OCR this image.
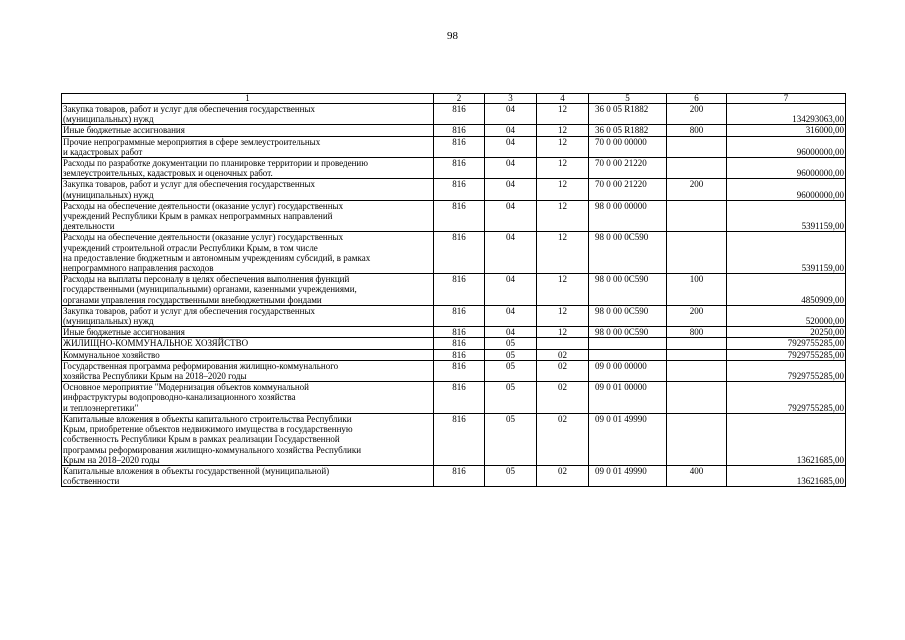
98
1	2	3	4	5	6	7

Закупка товаров, работ и услуг для обеспечения государственных
(муниципальных) нужд	816	04	12	36 0 05 R1882	200	134293063,00

Иные бюджетные ассигнования	816	04	12	36 0 05 R1882	800	316000,00

Прочие непрограммные мероприятия в сфере землеустроительных
и кадастровых работ	816	04	12	70 0 00 00000		96000000,00

Расходы по разработке документации по планировке территории и проведению
землеустроительных, кадастровых и оценочных работ.	816	04	12	70 0 00 21220		96000000,00

Закупка товаров, работ и услуг для обеспечения государственных
(муниципальных) нужд	816	04	12	70 0 00 21220	200	96000000,00

Расходы на обеспечение деятельности (оказание услуг) государственных
учреждений Республики Крым в рамках непрограммных направлений
деятельности	816	04	12	98 0 00 00000		5391159,00

Расходы на обеспечение деятельности (оказание услуг) государственных
учреждений строительной отрасли Республики Крым, в том числе
на предоставление бюджетным и автономным учреждениям субсидий, в рамках
непрограммного направления расходов	816	04	12	98 0 00 0С590		5391159,00

Расходы на выплаты персоналу в целях обеспечения выполнения функций
государственными (муниципальными) органами, казенными учреждениями,
органами управления государственными внебюджетными фондами	816	04	12	98 0 00 0С590	100	4850909,00

Закупка товаров, работ и услуг для обеспечения государственных
(муниципальных) нужд	816	04	12	98 0 00 0С590	200	520000,00

Иные бюджетные ассигнования	816	04	12	98 0 00 0С590	800	20250,00

ЖИЛИЩНО-КОММУНАЛЬНОЕ ХОЗЯЙСТВО	816	05				7929755285,00

Коммунальное хозяйство	816	05	02			7929755285,00

Государственная программа реформирования жилищно-коммунального
хозяйства Республики Крым на 2018–2020 годы	816	05	02	09 0 00 00000		7929755285,00

Основное мероприятие "Модернизация объектов коммунальной
инфраструктуры водопроводно-канализационного хозяйства
и теплоэнергетики"	816	05	02	09 0 01 00000		7929755285,00

Капитальные вложения в объекты капитального строительства Республики
Крым, приобретение объектов недвижимого имущества в государственную
собственность Республики Крым в рамках реализации Государственной
программы реформирования жилищно-коммунального хозяйства Республики
Крым на 2018–2020 годы	816	05	02	09 0 01 49990		13621685,00

Капитальные вложения в объекты государственной (муниципальной)
собственности	816	05	02	09 0 01 49990	400	13621685,00
